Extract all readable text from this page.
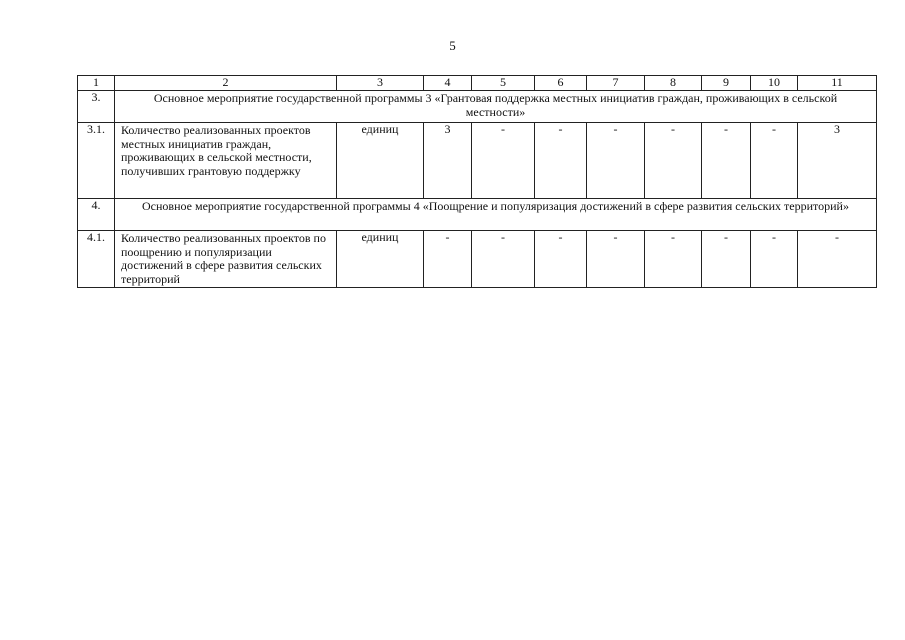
5
1	2	3	4	5	6	7	8	9	10	11
3.	Основное мероприятие государственной программы 3 «Грантовая поддержка местных инициатив граждан, проживающих в сельской местности»									
3.1.	Количество реализованных проектов местных инициатив граждан, проживающих в сельской местности, получивших грантовую поддержку	единиц	3	-	-	-	-	-	-	3
4.	Основное мероприятие государственной программы 4 «Поощрение и популяризация достижений в сфере развития сельских территорий»									
4.1.	Количество реализованных проектов по поощрению и популяризации достижений в сфере развития сельских территорий	единиц	-	-	-	-	-	-	-	-
